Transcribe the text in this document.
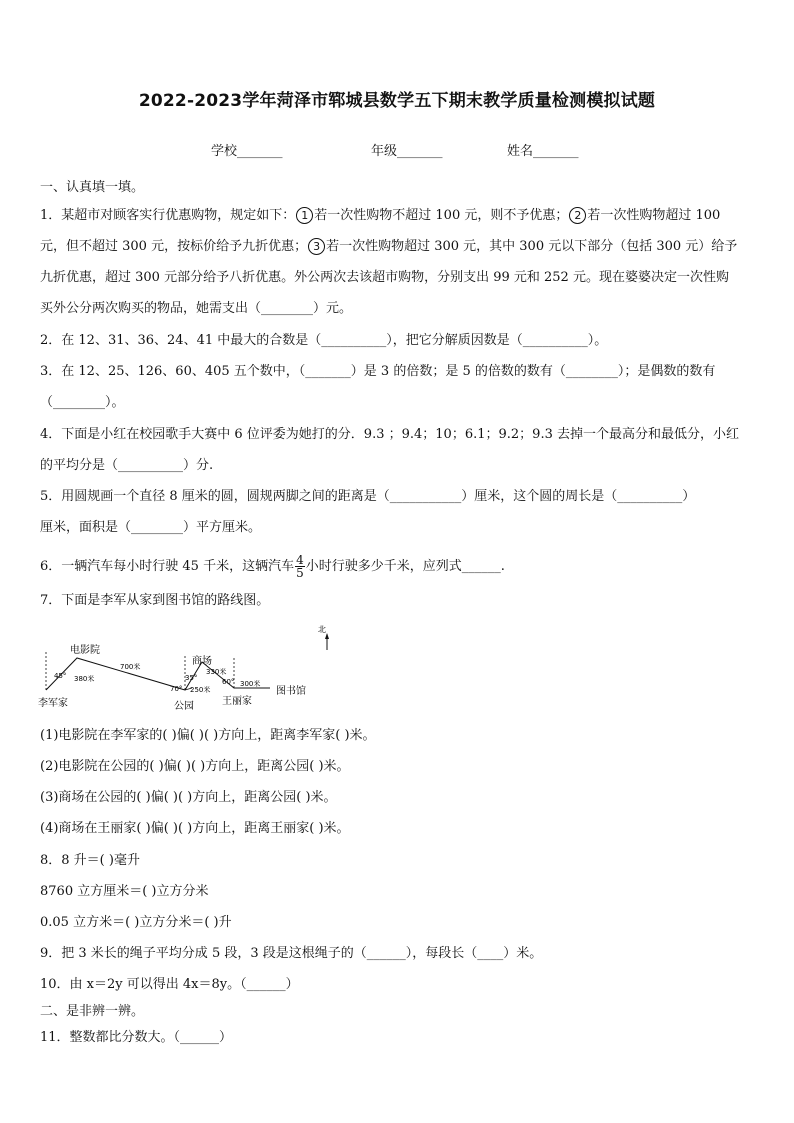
2022-2023学年菏泽市郓城县数学五下期末教学质量检测模拟试题
学校_______	年级_______	姓名_______
一、认真填一填。
1．某超市对顾客实行优惠购物，规定如下： 1 若一次性购物不超过 100 元，则不予优惠； 2 若一次性购物超过 100
元，但不超过 300 元，按标价给予九折优惠； 3 若一次性购物超过 300 元，其中 300 元以下部分（包括 300 元）给予
九折优惠，超过 300 元部分给予八折优惠。外公两次去该超市购物，分别支出 99 元和 252 元。现在婆婆决定一次性购
买外公分两次购买的物品，她需支出（________）元。
2．在 12、31、36、24、41 中最大的合数是（__________），把它分解质因数是（__________）。
3．在 12、25、126、60、405 五个数中，（_______）是 3 的倍数；是 5 的倍数的数有（________）；是偶数的数有
（________）。
4．下面是小红在校园歌手大赛中 6 位评委为她打的分．9.3 ；9.4；10；6.1；9.2；9.3 去掉一个最高分和最低分，小红
的平均分是（__________）分.
5．用圆规画一个直径 8 厘米的圆，圆规两脚之间的距离是（___________）厘米，这个圆的周长是（__________）
厘米，面积是（________）平方厘米。
6．一辆汽车每小时行驶 45 千米，这辆汽车 $\frac{4}{5}$ 小时行驶多少千米，应列式______.
7．下面是李军从家到图书馆的路线图。
北
电影院
商场
李军家	公园	王丽家
图书馆
45° 380米
700米
70° 250米
35°
330米
60° 300米
(1)电影院在李军家的( )偏( )( )方向上，距离李军家( )米。
(2)电影院在公园的( )偏( )( )方向上，距离公园( )米。
(3)商场在公园的( )偏( )( )方向上，距离公园( )米。
(4)商场在王丽家( )偏( )( )方向上，距离王丽家( )米。
8．8 升＝( )毫升
8760 立方厘米＝( )立方分米
0.05 立方米＝( )立方分米＝( )升
9．把 3 米长的绳子平均分成 5 段，3 段是这根绳子的（______），每段长（____）米。
10．由 x＝2y 可以得出 4x＝8y。（______）
二、是非辨一辨。
11．整数都比分数大。（______）
